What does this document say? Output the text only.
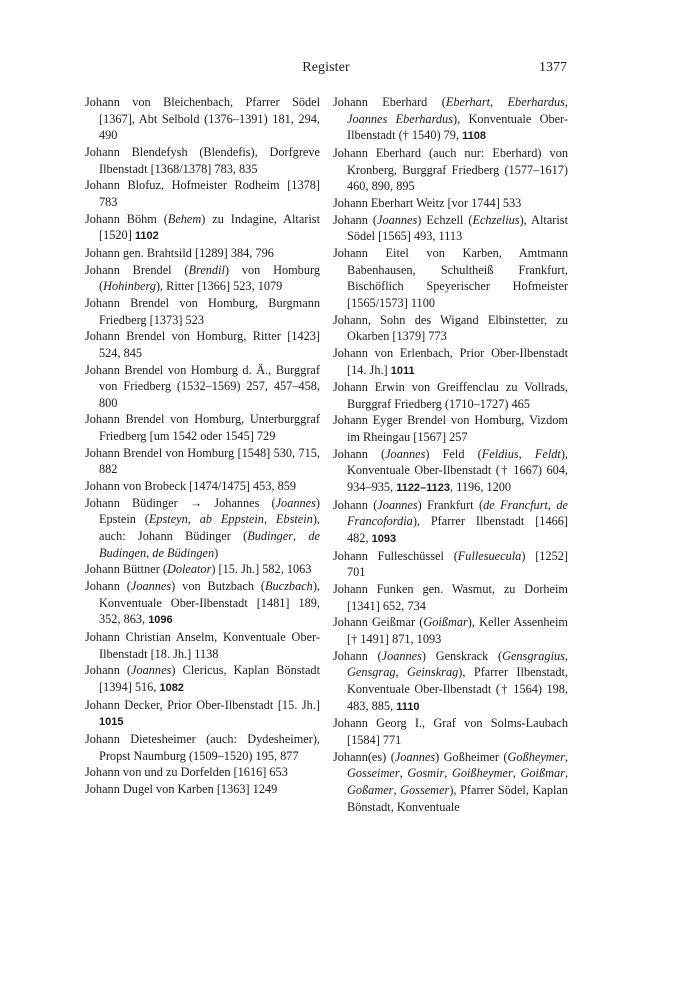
Register	1377

Johann von Bleichenbach, Pfarrer Södel [1367], Abt Selbold (1376–1391) 181, 294, 490

Johann Blendefysh (Blendefis), Dorfgreve Ilbenstadt [1368/1378] 783, 835

Johann Blofuz, Hofmeister Rodheim [1378] 783

Johann Böhm (Behem) zu Indagine, Altarist [1520] 1102

Johann gen. Brahtsild [1289] 384, 796

Johann Brendel (Brendil) von Homburg (Hohinberg), Ritter [1366] 523, 1079

Johann Brendel von Homburg, Burgmann Friedberg [1373] 523

Johann Brendel von Homburg, Ritter [1423] 524, 845

Johann Brendel von Homburg d. Ä., Burggraf von Friedberg (1532–1569) 257, 457–458, 800

Johann Brendel von Homburg, Unterburggraf Friedberg [um 1542 oder 1545] 729

Johann Brendel von Homburg [1548] 530, 715, 882

Johann von Brobeck [1474/1475] 453, 859

Johann Büdinger → Johannes (Joannes) Epstein (Epsteyn, ab Eppstein, Ebstein), auch: Johann Büdinger (Budinger, de Budingen, de Büdingen)

Johann Büttner (Doleator) [15. Jh.] 582, 1063

Johann (Joannes) von Butzbach (Buczbach), Konventuale Ober-Ilbenstadt [1481] 189, 352, 863, 1096

Johann Christian Anselm, Konventuale Ober-Ilbenstadt [18. Jh.] 1138

Johann (Joannes) Clericus, Kaplan Bönstadt [1394] 516, 1082

Johann Decker, Prior Ober-Ilbenstadt [15. Jh.] 1015

Johann Dietesheimer (auch: Dydesheimer), Propst Naumburg (1509–1520) 195, 877

Johann von und zu Dorfelden [1616] 653

Johann Dugel von Karben [1363] 1249

Johann Eberhard (Eberhart, Eberhardus, Joannes Eberhardus), Konventuale Ober-Ilbenstadt († 1540) 79, 1108

Johann Eberhard (auch nur: Eberhard) von Kronberg, Burggraf Friedberg (1577–1617) 460, 890, 895

Johann Eberhart Weitz [vor 1744] 533

Johann (Joannes) Echzell (Echzelius), Altarist Södel [1565] 493, 1113

Johann Eitel von Karben, Amtmann Babenhausen, Schultheiß Frankfurt, Bischöflich Speyerischer Hofmeister [1565/1573] 1100

Johann, Sohn des Wigand Elbinstetter, zu Okarben [1379] 773

Johann von Erlenbach, Prior Ober-Ilbenstadt [14. Jh.] 1011

Johann Erwin von Greiffenclau zu Vollrads, Burggraf Friedberg (1710–1727) 465

Johann Eyger Brendel von Homburg, Vizdom im Rheingau [1567] 257

Johann (Joannes) Feld (Feldius, Feldt), Konventuale Ober-Ilbenstadt († 1667) 604, 934–935, 1122–1123, 1196, 1200

Johann (Joannes) Frankfurt (de Francfurt, de Francofordia), Pfarrer Ilbenstadt [1466] 482, 1093

Johann Fulleschüssel (Fullesuecula) [1252] 701

Johann Funken gen. Wasmut, zu Dorheim [1341] 652, 734

Johann Geißmar (Goißmar), Keller Assenheim [† 1491] 871, 1093

Johann (Joannes) Genskrack (Gensgragius, Gensgrag, Geinskrag), Pfarrer Ilbenstadt, Konventuale Ober-Ilbenstadt († 1564) 198, 483, 885, 1110

Johann Georg I., Graf von Solms-Laubach [1584] 771

Johann(es) (Joannes) Goßheimer (Goßheymer, Gosseimer, Gosmir, Goißheymer, Goißmar, Goßamer, Gossemer), Pfarrer Södel, Kaplan Bönstadt, Konventuale
